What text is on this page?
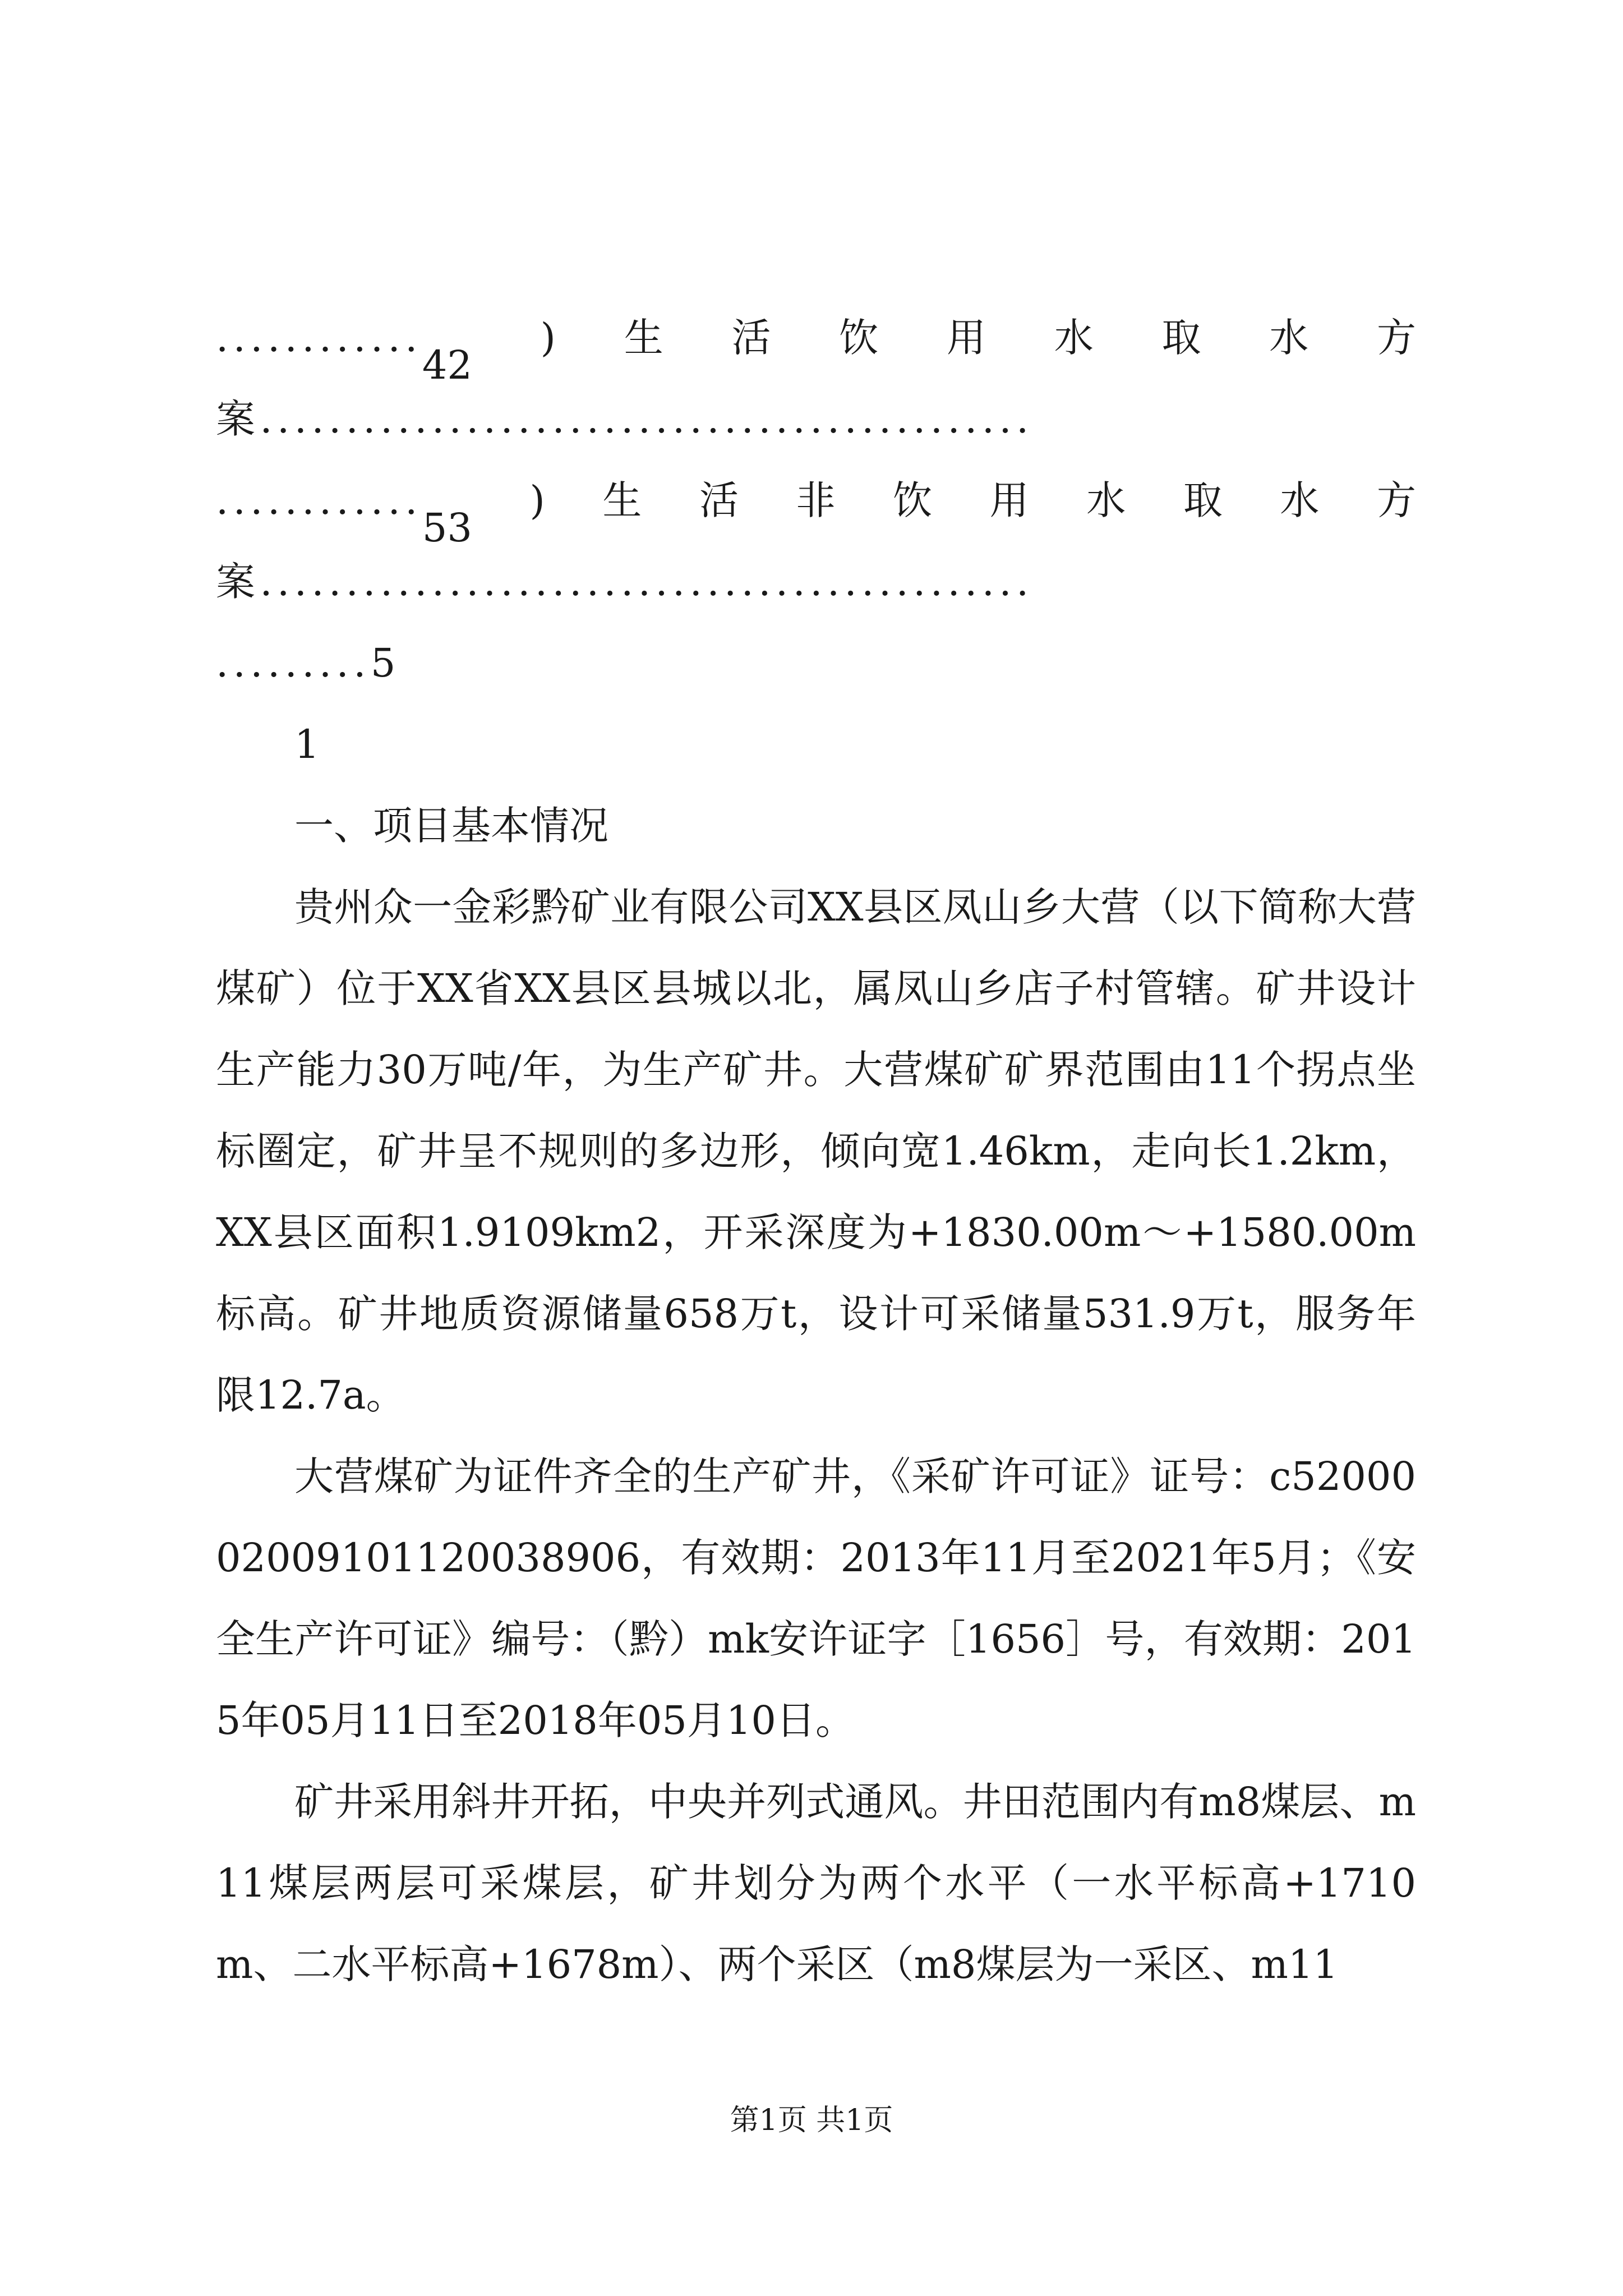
............42
) 生 活 饮 用 水 取 水 方
案.............................................
............53
) 生 活 非 饮 用 水 取 水 方
案.............................................
.........5
1
一、项目基本情况

贵州众一金彩黔矿业有限公司XX县区凤山乡大营（以下简称大营煤矿）位于XX省XX县区县城以北，属凤山乡店子村管辖。矿井设计生产能力30万吨/年，为生产矿井。大营煤矿矿界范围由11个拐点坐标圈定，矿井呈不规则的多边形，倾向宽1.46km，走向长1.2km，XX县区面积1.9109km2，开采深度为+1830.00m～+1580.00m标高。矿井地质资源储量658万t，设计可采储量531.9万t，服务年限12.7a。

大营煤矿为证件齐全的生产矿井，《采矿许可证》证号：c5200002009101120038906，有效期：2013年11月至2021年5月；《安全生产许可证》编号：（黔）mk安许证字［1656］号，有效期：2015年05月11日至2018年05月10日。

矿井采用斜井开拓，中央并列式通风。井田范围内有m8煤层、m11煤层两层可采煤层，矿井划分为两个水平（一水平标高+1710m、二水平标高+1678m）、两个采区（m8煤层为一采区、m11

第1页 共1页
